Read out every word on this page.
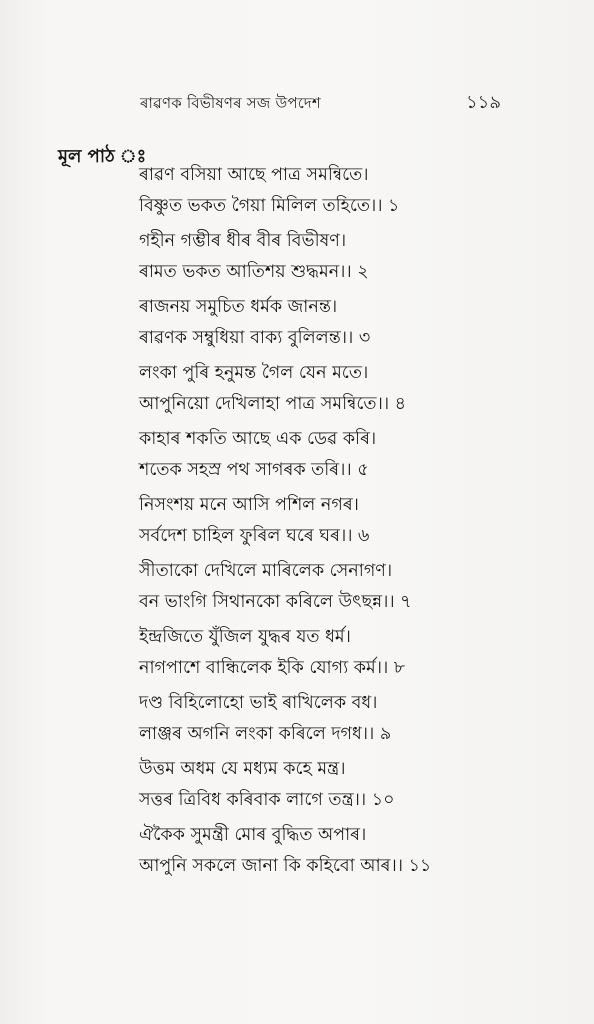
ৰাৱণক বিভীষণৰ সজ উপদেশ	১১৯
মূল পাঠ ঃ
ৰাৱণ বসিয়া আছে পাত্ৰ সমন্বিতে।
বিষ্ণুত ভকত গৈয়া মিলিল তহিতে।। ১
গহীন গম্ভীৰ ধীৰ বীৰ বিভীষণ।
ৰামত ভকত আতিশয় শুদ্ধমন।। ২
ৰাজনয় সমুচিত ধৰ্মক জানন্ত।
ৰাৱণক সম্বুধিয়া বাক্য বুলিলন্ত।। ৩
লংকা পুৰি হনুমন্ত গৈল যেন মতে।
আপুনিয়ো দেখিলাহা পাত্ৰ সমন্বিতে।। ৪
কাহাৰ শকতি আছে এক ডেৱ কৰি।
শতেক সহস্ৰ পথ সাগৰক তৰি।। ৫
নিসংশয় মনে আসি পশিল নগৰ।
সৰ্বদেশ চাহিল ফুৰিল ঘৰে ঘৰ।। ৬
সীতাকো দেখিলে মাৰিলেক সেনাগণ।
বন ভাংগি সিথানকো কৰিলে উৎছন্ন।। ৭
ইন্দ্ৰজিতে যুঁজিল যুদ্ধৰ যত ধৰ্ম।
নাগপাশে বান্ধিলেক ইকি যোগ্য কৰ্ম।। ৮
দণ্ড বিহিলোহো ভাই ৰাখিলেক বধ।
লাঞ্জৰ অগনি লংকা কৰিলে দগধ।। ৯
উত্তম অধম যে মধ্যম কহে মন্ত্ৰ।
সত্তৰ ত্ৰিবিধ কৰিবাক লাগে তন্ত্ৰ।। ১০
ঐকৈক সুমন্ত্ৰী মোৰ বুদ্ধিত অপাৰ।
আপুনি সকলে জানা কি কহিবো আৰ।। ১১
